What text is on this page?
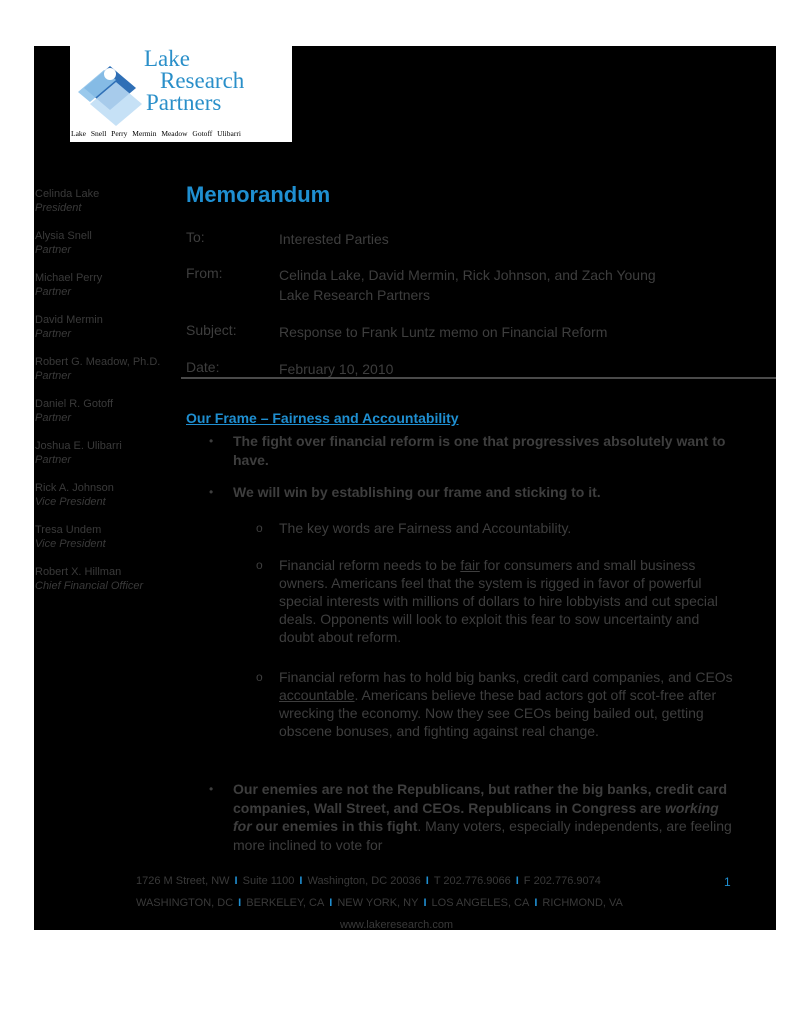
Lake
Research
Partners
Lake Snell Perry Mermin Meadow Gotoff Ulibarri
Celinda Lake
President
Alysia Snell
Partner
Michael Perry
Partner
David Mermin
Partner
Robert G. Meadow, Ph.D.
Partner
Daniel R. Gotoff
Partner
Joshua E. Ulibarri
Partner
Rick A. Johnson
Vice President
Tresa Undem
Vice President
Robert X. Hillman
Chief Financial Officer
Memorandum
To:	Interested Parties
From:	Celinda Lake, David Mermin, Rick Johnson, and Zach Young
Lake Research Partners
Subject:	Response to Frank Luntz memo on Financial Reform
Date:	February 10, 2010
Our Frame – Fairness and Accountability
• The fight over financial reform is one that progressives absolutely want to have.
• We will win by establishing our frame and sticking to it.
o The key words are Fairness and Accountability.
o Financial reform needs to be fair for consumers and small business owners. Americans feel that the system is rigged in favor of powerful special interests with millions of dollars to hire lobbyists and cut special deals. Opponents will look to exploit this fear to sow uncertainty and doubt about reform.
o Financial reform has to hold big banks, credit card companies, and CEOs accountable. Americans believe these bad actors got off scot-free after wrecking the economy. Now they see CEOs being bailed out, getting obscene bonuses, and fighting against real change.
• Our enemies are not the Republicans, but rather the big banks, credit card companies, Wall Street, and CEOs. Republicans in Congress are working for our enemies in this fight. Many voters, especially independents, are feeling more inclined to vote for
1726 M Street, NW I Suite 1100 I Washington, DC 20036 I T 202.776.9066 I F 202.776.9074	1
WASHINGTON, DC I BERKELEY, CA I NEW YORK, NY I LOS ANGELES, CA I RICHMOND, VA
www.lakeresearch.com
